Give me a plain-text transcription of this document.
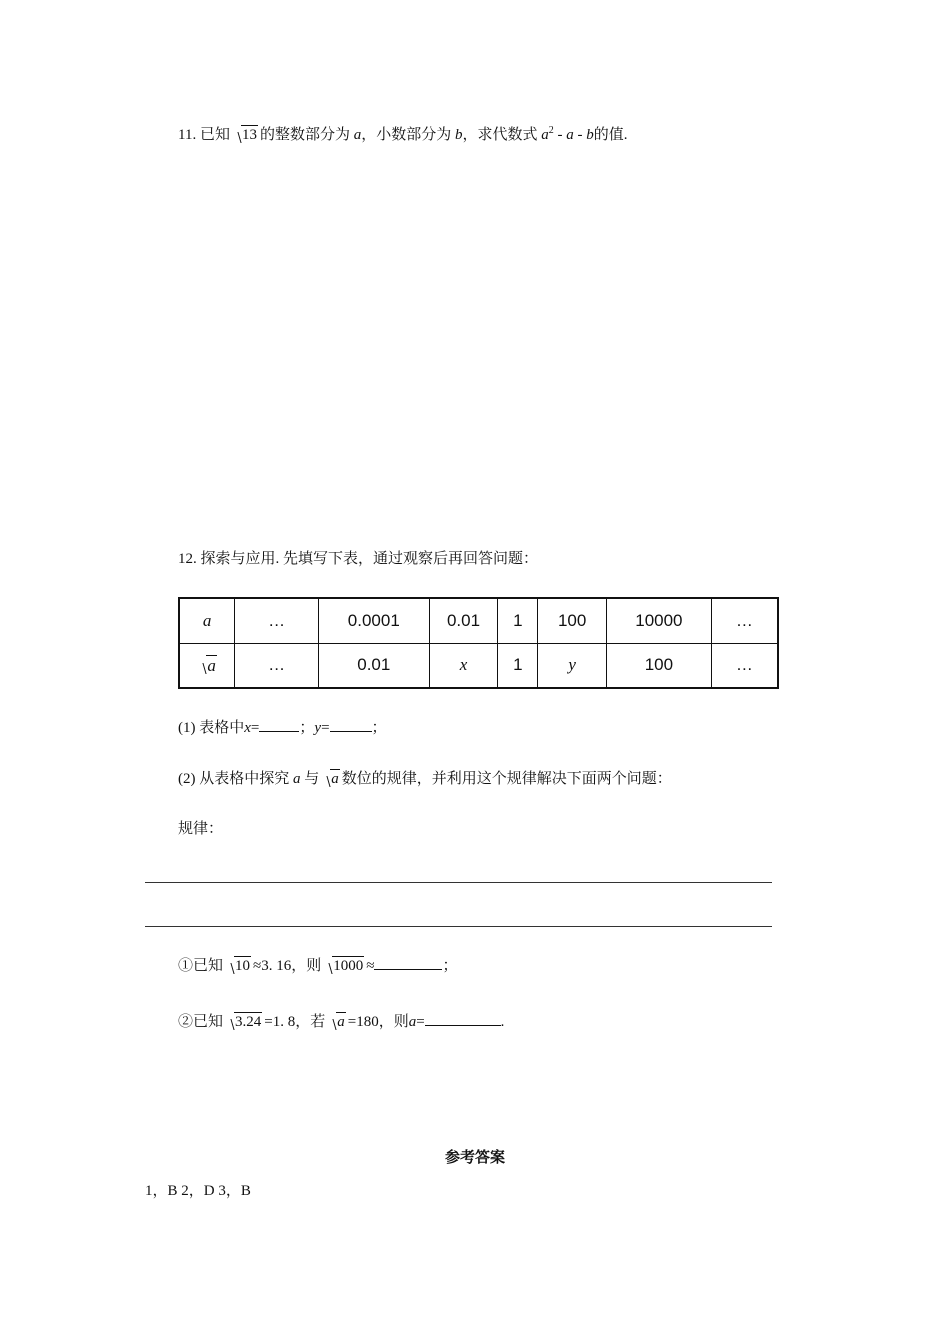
11. 已知 13 的整数部分为 a，小数部分为 b，求代数式 $a^2$ - a - b的值.
12. 探索与应用. 先填写下表，通过观察后再回答问题：
a	…	0.0001	0.01	1	100	10000	…
a	…	0.01	x	1	y	100	…
(1) 表格中x=	；y=	；
(2) 从表格中探究 a 与 a 数位的规律，并利用这个规律解决下面两个问题：
规律：
①已知 10 ≈3. 16，则 1000 ≈	；
②已知 3.24 =1. 8，若 a =180，则a=	.
参考答案
1，B 2，D 3，B
